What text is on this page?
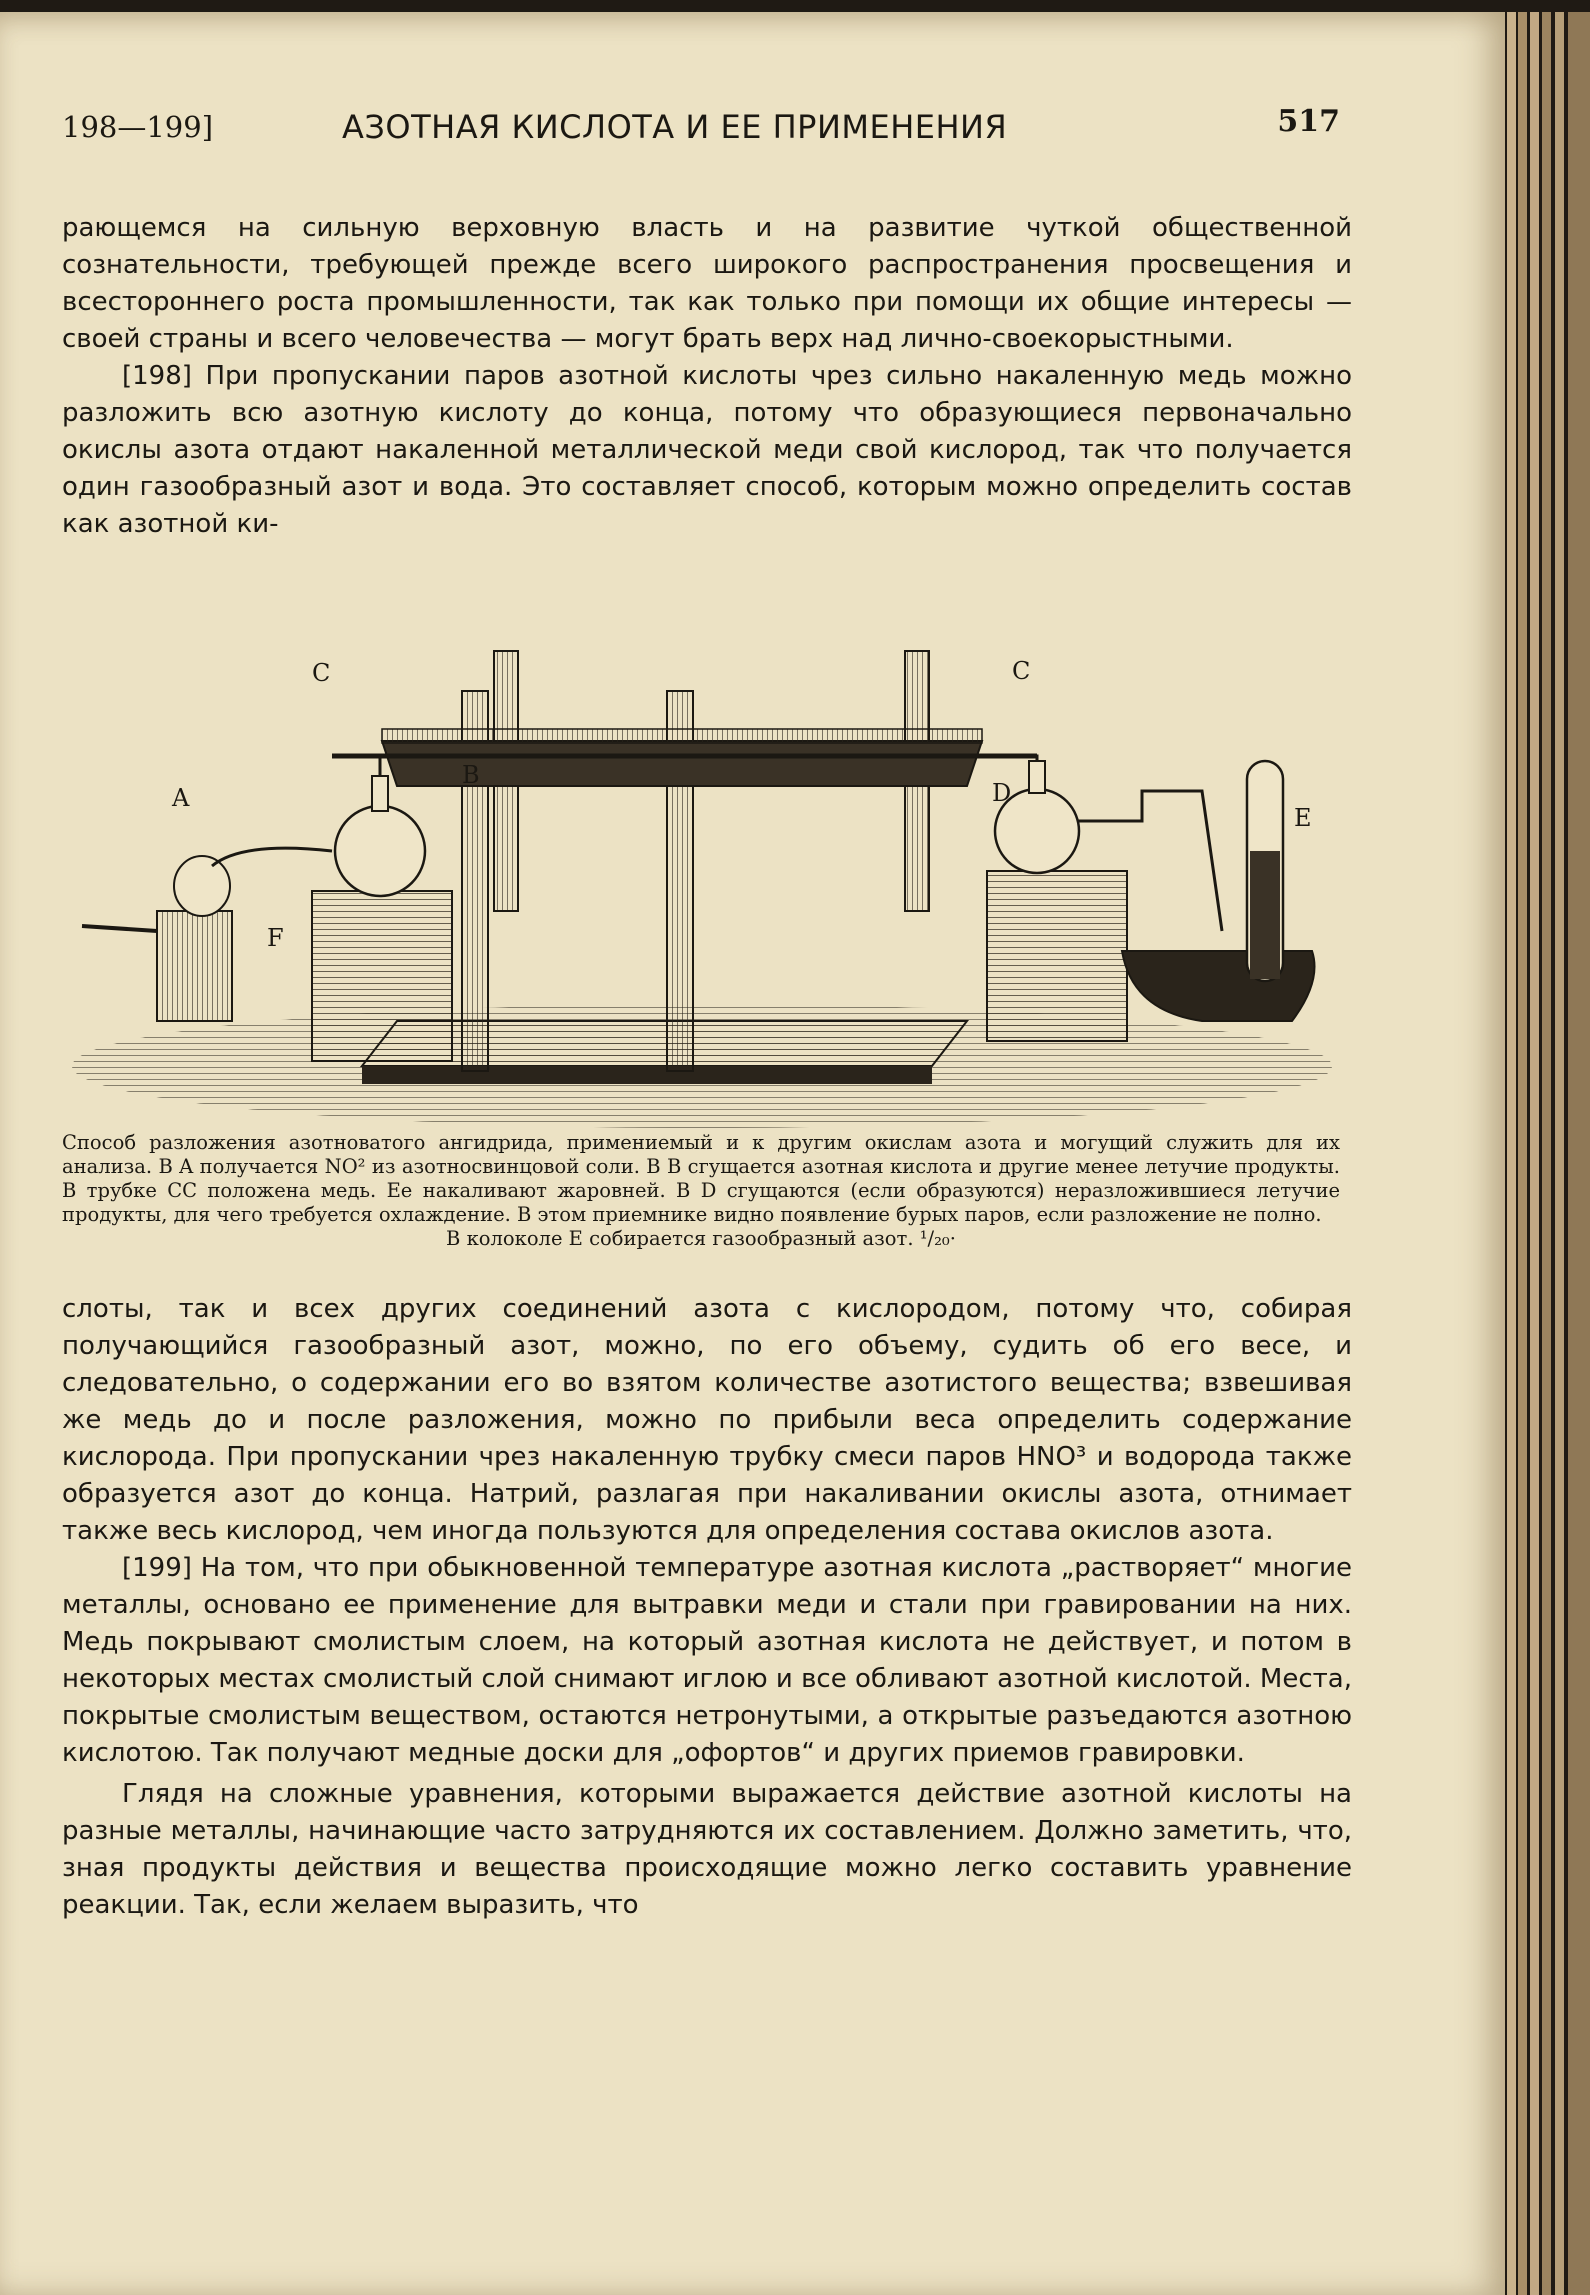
198—199]	АЗОТНАЯ КИСЛОТА И ЕЕ ПРИМЕНЕНИЯ	517

рающемся на сильную верховную власть и на развитие чуткой общественной сознательности, требующей прежде всего широкого распространения просвещения и всестороннего роста промышленности, так как только при помощи их общие интересы — своей страны и всего человечества — могут брать верх над лично-своекорыстными.

[198] При пропускании паров азотной кислоты чрез сильно накаленную медь можно разложить всю азотную кислоту до конца, потому что образующиеся первоначально окислы азота отдают накаленной металлической меди свой кислород, так что получается один газообразный азот и вода. Это составляет способ, которым можно определить состав как азотной ки-

A
B
C	C
D
E
F

Способ разложения азотноватого ангидрида, примениемый и к другим окислам азота и могущий служить для их анализа. В A получается NO² из азотносвинцовой соли. В B сгущается азотная кислота и другие менее летучие продукты. В трубке CC положена медь. Ее накаливают жаровней. В D сгущаются (если образуются) неразложившиеся летучие продукты, для чего требуется охлаждение. В этом приемнике видно появление бурых паров, если разложение не полно.

В колоколе E собирается газообразный азот. ¹/₂₀·

слоты, так и всех других соединений азота с кислородом, потому что, собирая получающийся газообразный азот, можно, по его объему, судить об его весе, и следовательно, о содержании его во взятом количестве азотистого вещества; взвешивая же медь до и после разложения, можно по прибыли веса определить содержание кислорода. При пропускании чрез накаленную трубку смеси паров HNO³ и водорода также образуется азот до конца. Натрий, разлагая при накаливании окислы азота, отнимает также весь кислород, чем иногда пользуются для определения состава окислов азота.

[199] На том, что при обыкновенной температуре азотная кислота „растворяет“ многие металлы, основано ее применение для вытравки меди и стали при гравировании на них. Медь покрывают смолистым слоем, на который азотная кислота не действует, и потом в некоторых местах смолистый слой снимают иглою и все обливают азотной кислотой. Места, покрытые смолистым веществом, остаются нетронутыми, а открытые разъедаются азотною кислотою. Так получают медные доски для „офортов“ и других приемов гравировки.

Глядя на сложные уравнения, которыми выражается действие азотной кислоты на разные металлы, начинающие часто затрудняются их составлением. Должно заметить, что, зная продукты действия и вещества происходящие можно легко составить уравнение реакции. Так, если желаем выразить, что
